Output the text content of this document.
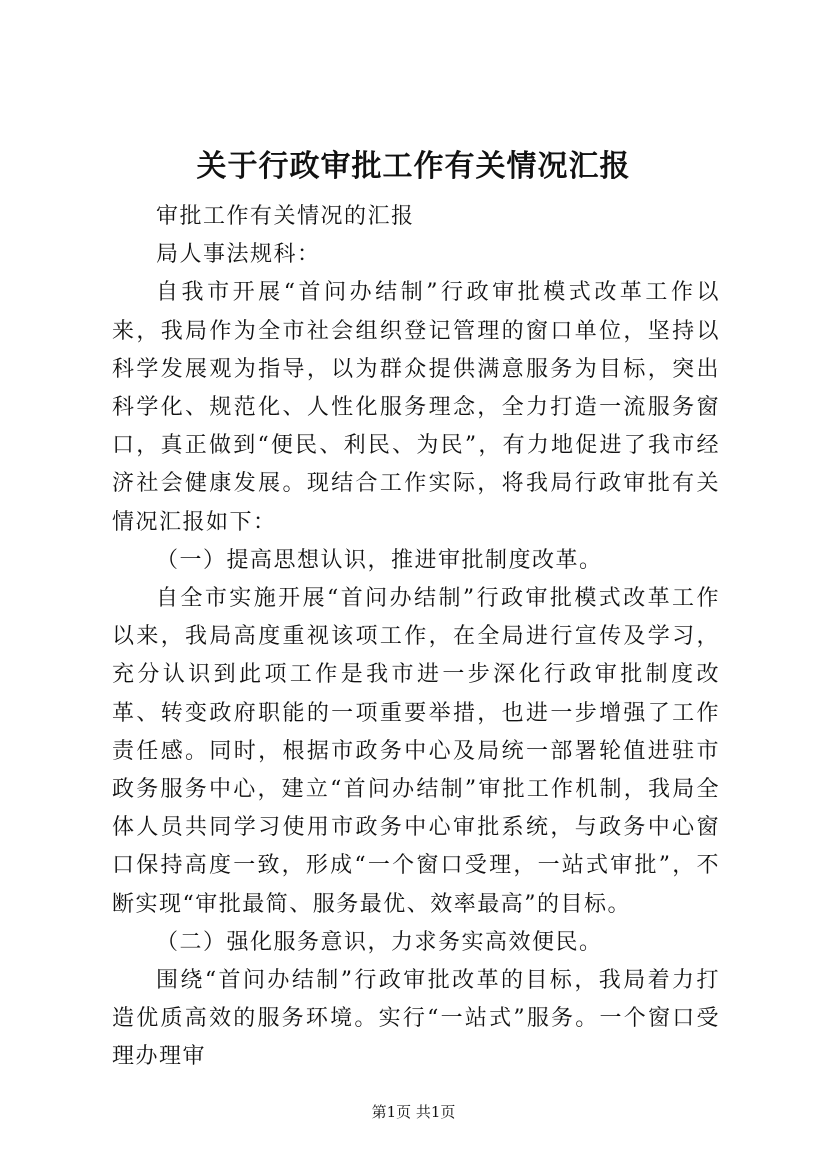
关于行政审批工作有关情况汇报

审批工作有关情况的汇报

局人事法规科：

自我市开展“首问办结制”行政审批模式改革工作以来，我局作为全市社会组织登记管理的窗口单位，坚持以科学发展观为指导，以为群众提供满意服务为目标，突出科学化、规范化、人性化服务理念，全力打造一流服务窗口，真正做到“便民、利民、为民”，有力地促进了我市经济社会健康发展。现结合工作实际，将我局行政审批有关情况汇报如下：

（一）提高思想认识，推进审批制度改革。

自全市实施开展“首问办结制”行政审批模式改革工作以来，我局高度重视该项工作，在全局进行宣传及学习，充分认识到此项工作是我市进一步深化行政审批制度改革、转变政府职能的一项重要举措，也进一步增强了工作责任感。同时，根据市政务中心及局统一部署轮值进驻市政务服务中心，建立“首问办结制”审批工作机制，我局全体人员共同学习使用市政务中心审批系统，与政务中心窗口保持高度一致，形成“一个窗口受理，一站式审批”，不断实现“审批最简、服务最优、效率最高”的目标。

（二）强化服务意识，力求务实高效便民。

围绕“首问办结制”行政审批改革的目标，我局着力打造优质高效的服务环境。实行“一站式”服务。一个窗口受理办理审

第1页 共1页
